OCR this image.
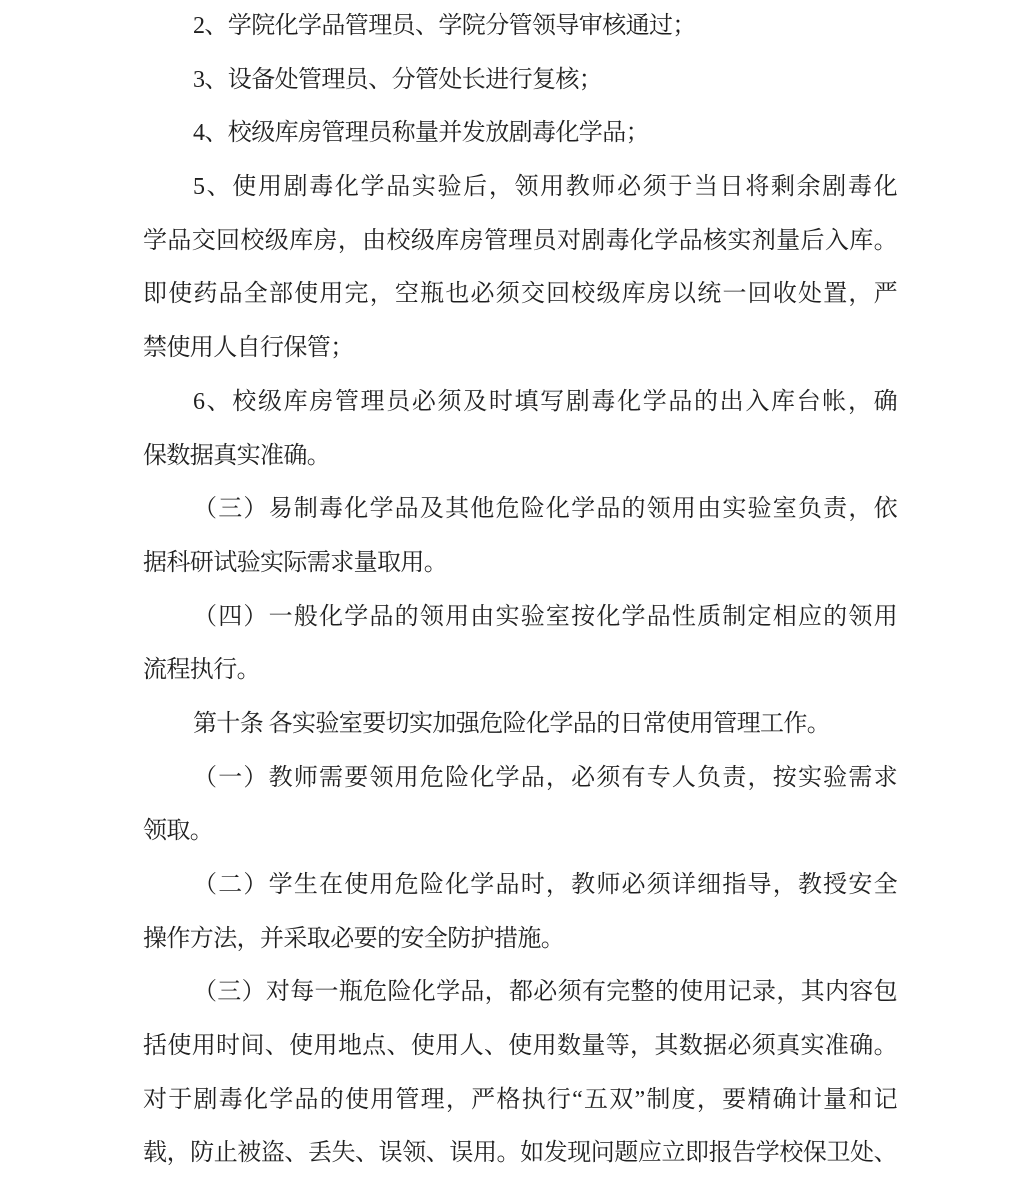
2、学院化学品管理员、学院分管领导审核通过；
3、设备处管理员、分管处长进行复核；
4、校级库房管理员称量并发放剧毒化学品；
5、使用剧毒化学品实验后，领用教师必须于当日将剩余剧毒化
学品交回校级库房，由校级库房管理员对剧毒化学品核实剂量后入库。
即使药品全部使用完，空瓶也必须交回校级库房以统一回收处置，严
禁使用人自行保管；
6、校级库房管理员必须及时填写剧毒化学品的出入库台帐，确
保数据真实准确。
（三）易制毒化学品及其他危险化学品的领用由实验室负责，依
据科研试验实际需求量取用。
（四）一般化学品的领用由实验室按化学品性质制定相应的领用
流程执行。
第十条 各实验室要切实加强危险化学品的日常使用管理工作。
（一）教师需要领用危险化学品，必须有专人负责，按实验需求
领取。
（二）学生在使用危险化学品时，教师必须详细指导，教授安全
操作方法，并采取必要的安全防护措施。
（三）对每一瓶危险化学品，都必须有完整的使用记录，其内容包
括使用时间、使用地点、使用人、使用数量等，其数据必须真实准确。
对于剧毒化学品的使用管理，严格执行“五双”制度，要精确计量和记
载，防止被盗、丢失、误领、误用。如发现问题应立即报告学校保卫处、
